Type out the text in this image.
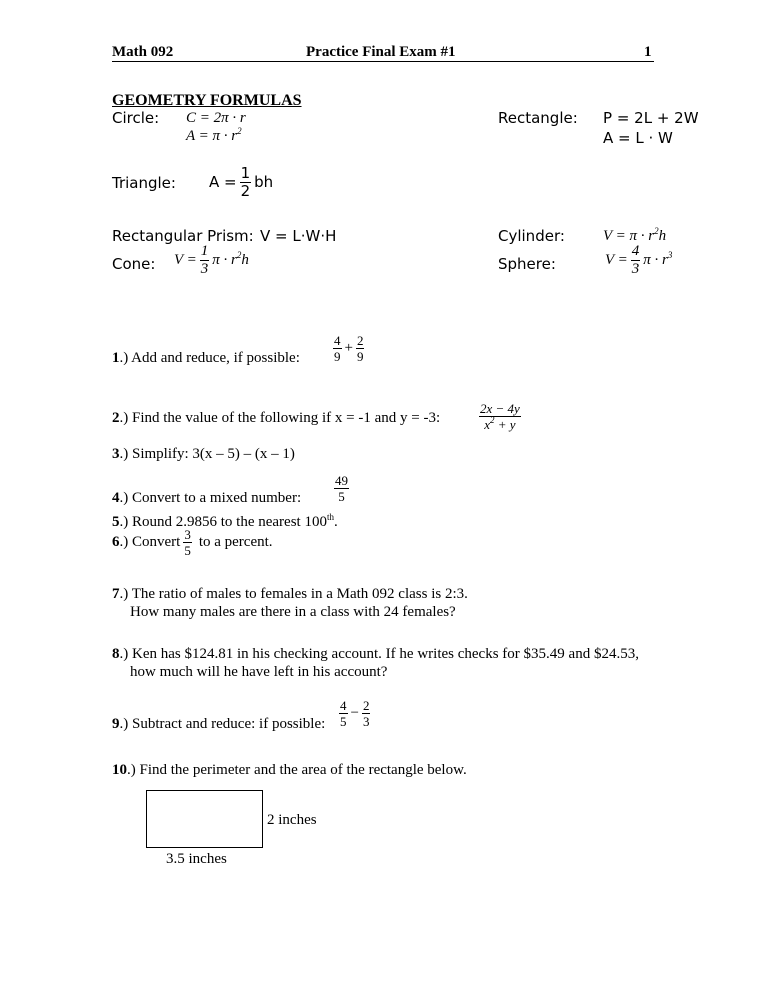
Math 092	Practice Final Exam #1	1
GEOMETRY FORMULAS
Circle: C = 2π · r
$A = \pi \cdot r^2$
Rectangle: P = 2L + 2W
A = L · W
Triangle: $A = \frac{1}{2}$ bh
Rectangular Prism: V = L·W·H	Cylinder:	$V = \pi \cdot r^2h$
Cone: $V = \frac{1}{3}$ $\pi \cdot r^2h$	Sphere:	$V = \frac{4}{3}$ $\pi \cdot r^3$
1.) Add and reduce, if possible:	$\frac{4}{9} + \frac{2}{9}$
2.) Find the value of the following if x = -1 and y = -3:	$\frac{2x - 4y}{x^2 + y}$
3.) Simplify: 3(x – 5) – (x – 1)
4.) Convert to a mixed number:	$\frac{49}{5}$
5.) Round 2.9856 to the nearest 100th.
6.) Convert $\frac{3}{5}$ to a percent.
7.) The ratio of males to females in a Math 092 class is 2:3.
How many males are there in a class with 24 females?
8.) Ken has $124.81 in his checking account. If he writes checks for $35.49 and $24.53,
how much will he have left in his account?
9.) Subtract and reduce: if possible: $\frac{4}{5} - \frac{2}{3}$
10.) Find the perimeter and the area of the rectangle below.
2 inches
3.5 inches
